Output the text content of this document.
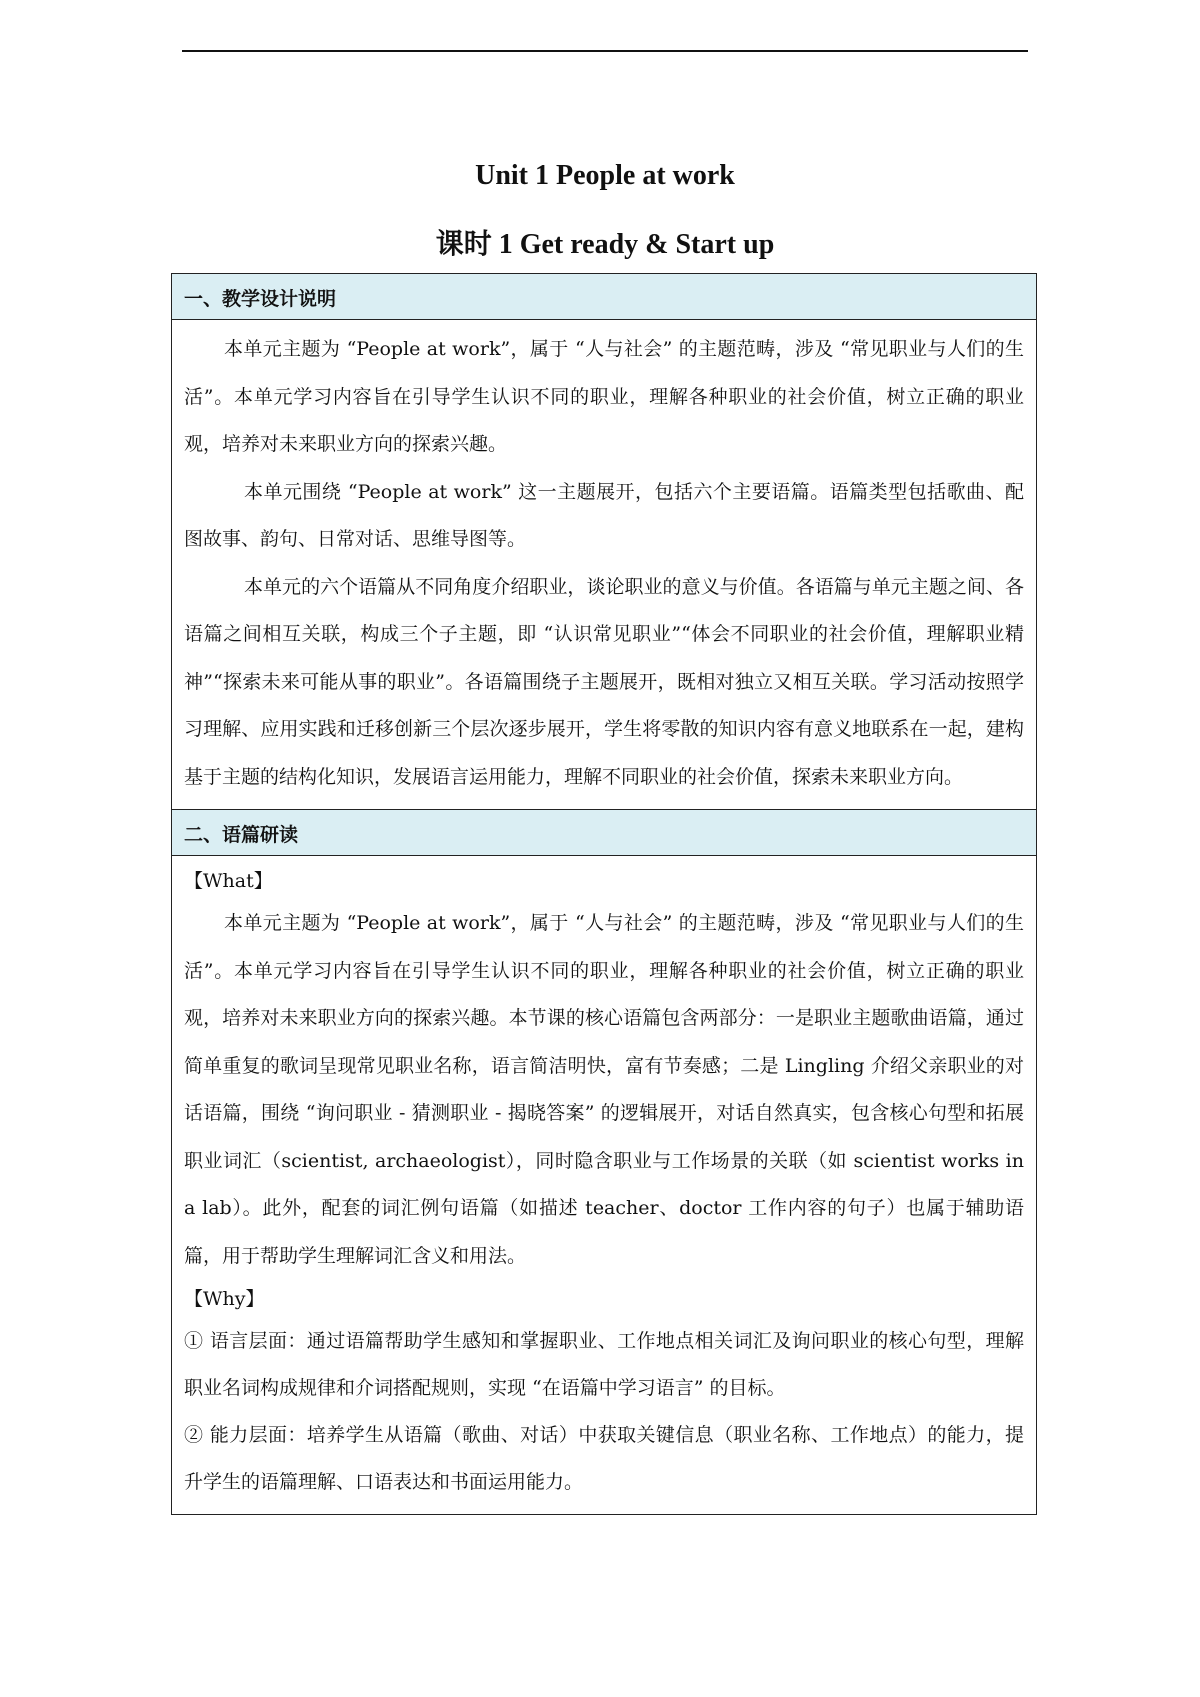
Unit 1 People at work
课时 1 Get ready & Start up
一、教学设计说明

本单元主题为 “People at work”，属于 “人与社会” 的主题范畴，涉及 “常见职业与人们的生活”。本单元学习内容旨在引导学生认识不同的职业，理解各种职业的社会价值，树立正确的职业观，培养对未来职业方向的探索兴趣。

本单元围绕 “People at work” 这一主题展开，包括六个主要语篇。语篇类型包括歌曲、配图故事、韵句、日常对话、思维导图等。

本单元的六个语篇从不同角度介绍职业，谈论职业的意义与价值。各语篇与单元主题之间、各语篇之间相互关联，构成三个子主题，即 “认识常见职业”“体会不同职业的社会价值，理解职业精神”“探索未来可能从事的职业”。各语篇围绕子主题展开，既相对独立又相互关联。学习活动按照学习理解、应用实践和迁移创新三个层次逐步展开，学生将零散的知识内容有意义地联系在一起，建构基于主题的结构化知识，发展语言运用能力，理解不同职业的社会价值，探索未来职业方向。

二、语篇研读
【What】

本单元主题为 “People at work”，属于 “人与社会” 的主题范畴，涉及 “常见职业与人们的生活”。本单元学习内容旨在引导学生认识不同的职业，理解各种职业的社会价值，树立正确的职业观，培养对未来职业方向的探索兴趣。本节课的核心语篇包含两部分：一是职业主题歌曲语篇，通过简单重复的歌词呈现常见职业名称，语言简洁明快，富有节奏感；二是 Lingling 介绍父亲职业的对话语篇，围绕 “询问职业 - 猜测职业 - 揭晓答案” 的逻辑展开，对话自然真实，包含核心句型和拓展职业词汇（scientist, archaeologist），同时隐含职业与工作场景的关联（如 scientist works in a lab）。此外，配套的词汇例句语篇（如描述 teacher、doctor 工作内容的句子）也属于辅助语篇，用于帮助学生理解词汇含义和用法。

【Why】

① 语言层面：通过语篇帮助学生感知和掌握职业、工作地点相关词汇及询问职业的核心句型，理解职业名词构成规律和介词搭配规则，实现 “在语篇中学习语言” 的目标。

② 能力层面：培养学生从语篇（歌曲、对话）中获取关键信息（职业名称、工作地点）的能力，提升学生的语篇理解、口语表达和书面运用能力。
